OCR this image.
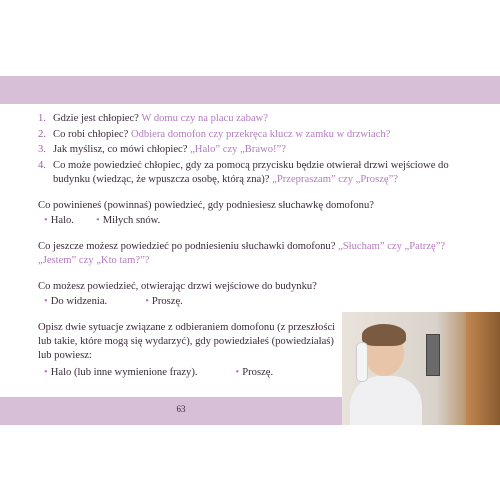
1. Gdzie jest chłopiec? W domu czy na placu zabaw?
2. Co robi chłopiec? Odbiera domofon czy przekręca klucz w zamku w drzwiach?
3. Jak myślisz, co mówi chłopiec? „Halo” czy „Brawo!”?
4. Co może powiedzieć chłopiec, gdy za pomocą przycisku będzie otwierał drzwi wejściowe do budynku (wiedząc, że wpuszcza osobę, którą zna)? „Przepraszam” czy „Proszę”?

Co powinieneś (powinnaś) powiedzieć, gdy podniesiesz słuchawkę domofonu?

• Halo. • Miłych snów.

Co jeszcze możesz powiedzieć po podniesieniu słuchawki domofonu? „Słucham” czy „Patrzę”? „Jestem” czy „Kto tam?”?

Co możesz powiedzieć, otwierając drzwi wejściowe do budynku?

• Do widzenia.	• Proszę.

Opisz dwie sytuacje związane z odbieraniem domofonu (z przeszłości lub takie, które mogą się wydarzyć), gdy powiedziałeś (powiedziałaś) lub powiesz:

• Halo (lub inne wymienione frazy).	• Proszę.
63
